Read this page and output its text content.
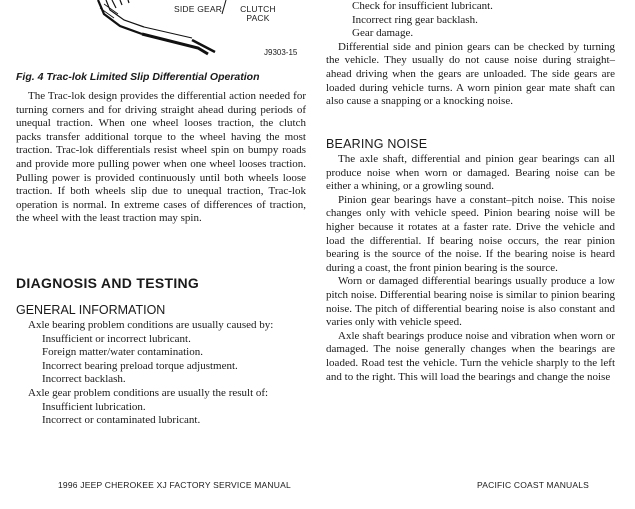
SIDE GEAR CLUTCH PACK
J9303-15
Fig. 4 Trac-lok Limited Slip Differential Operation

The Trac-lok design provides the differential action needed for turning corners and for driving straight ahead during periods of unequal traction. When one wheel looses traction, the clutch packs transfer additional torque to the wheel having the most traction. Trac-lok differentials resist wheel spin on bumpy roads and provide more pulling power when one wheel looses traction. Pulling power is provided continuously until both wheels loose traction. If both wheels slip due to unequal traction, Trac-lok operation is normal. In extreme cases of differences of traction, the wheel with the least traction may spin.

DIAGNOSIS AND TESTING
GENERAL INFORMATION

Axle bearing problem conditions are usually caused by:

Insufficient or incorrect lubricant.
Foreign matter/water contamination.
Incorrect bearing preload torque adjustment.
Incorrect backlash.

Axle gear problem conditions are usually the result of:

Insufficient lubrication.
Incorrect or contaminated lubricant.
Check for insufficient lubricant.
Incorrect ring gear backlash.
Gear damage.

Differential side and pinion gears can be checked by turning the vehicle. They usually do not cause noise during straight–ahead driving when the gears are unloaded. The side gears are loaded during vehicle turns. A worn pinion gear mate shaft can also cause a snapping or a knocking noise.

BEARING NOISE

The axle shaft, differential and pinion gear bearings can all produce noise when worn or damaged. Bearing noise can be either a whining, or a growling sound.

Pinion gear bearings have a constant–pitch noise. This noise changes only with vehicle speed. Pinion bearing noise will be higher because it rotates at a faster rate. Drive the vehicle and load the differential. If bearing noise occurs, the rear pinion bearing is the source of the noise. If the bearing noise is heard during a coast, the front pinion bearing is the source.

Worn or damaged differential bearings usually produce a low pitch noise. Differential bearing noise is similar to pinion bearing noise. The pitch of differential bearing noise is also constant and varies only with vehicle speed.

Axle shaft bearings produce noise and vibration when worn or damaged. The noise generally changes when the bearings are loaded. Road test the vehicle. Turn the vehicle sharply to the left and to the right. This will load the bearings and change the noise

1996 JEEP CHEROKEE XJ FACTORY SERVICE MANUAL	PACIFIC COAST MANUALS
